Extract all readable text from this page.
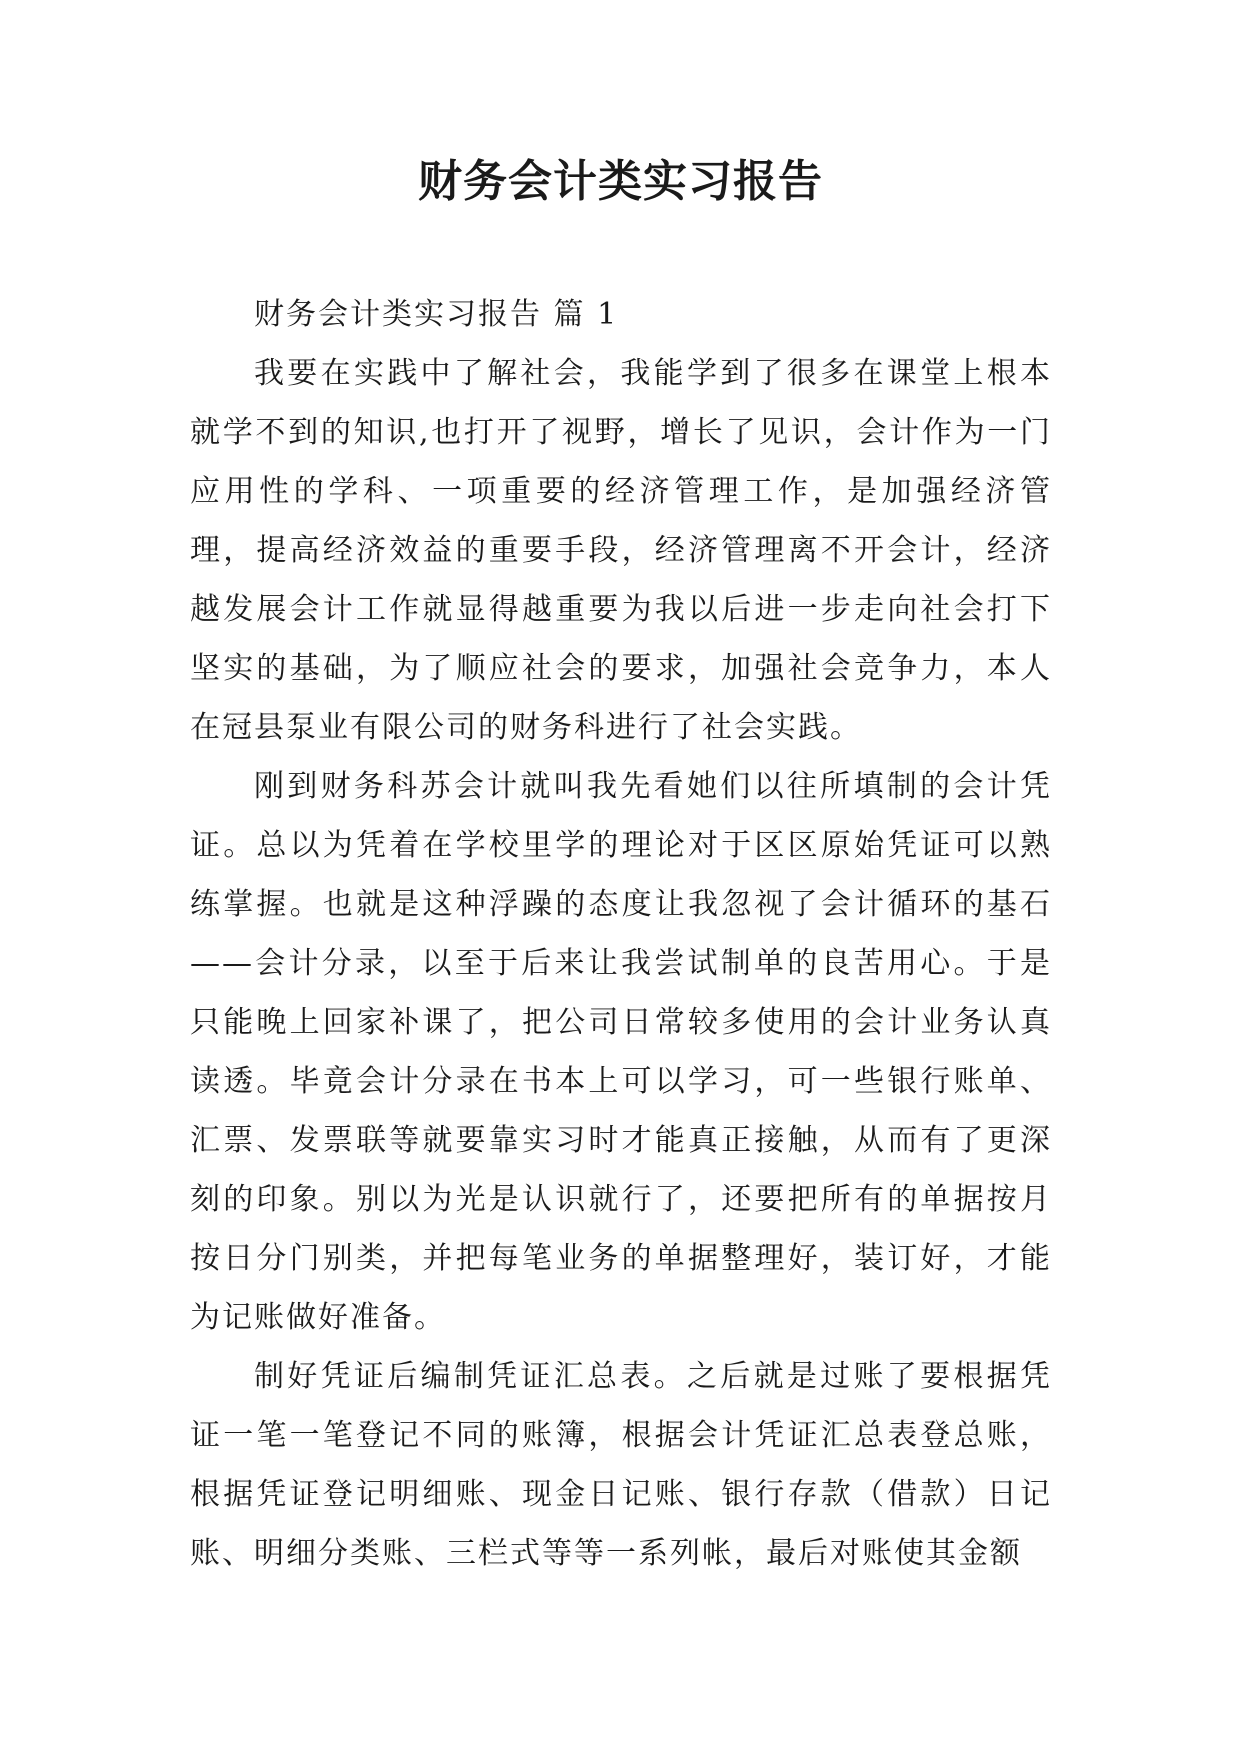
财务会计类实习报告

财务会计类实习报告 篇 1

我要在实践中了解社会，我能学到了很多在课堂上根本就学不到的知识,也打开了视野，增长了见识，会计作为一门应用性的学科、一项重要的经济管理工作，是加强经济管理，提高经济效益的重要手段，经济管理离不开会计，经济越发展会计工作就显得越重要为我以后进一步走向社会打下坚实的基础，为了顺应社会的要求，加强社会竞争力，本人在冠县泵业有限公司的财务科进行了社会实践。

刚到财务科苏会计就叫我先看她们以往所填制的会计凭证。总以为凭着在学校里学的理论对于区区原始凭证可以熟练掌握。也就是这种浮躁的态度让我忽视了会计循环的基石——会计分录，以至于后来让我尝试制单的良苦用心。于是只能晚上回家补课了，把公司日常较多使用的会计业务认真读透。毕竟会计分录在书本上可以学习，可一些银行账单、汇票、发票联等就要靠实习时才能真正接触，从而有了更深刻的印象。别以为光是认识就行了，还要把所有的单据按月按日分门别类，并把每笔业务的单据整理好，装订好，才能为记账做好准备。

制好凭证后编制凭证汇总表。之后就是过账了要根据凭证一笔一笔登记不同的账簿，根据会计凭证汇总表登总账，根据凭证登记明细账、现金日记账、银行存款（借款）日记账、明细分类账、三栏式等等一系列帐，最后对账使其金额
